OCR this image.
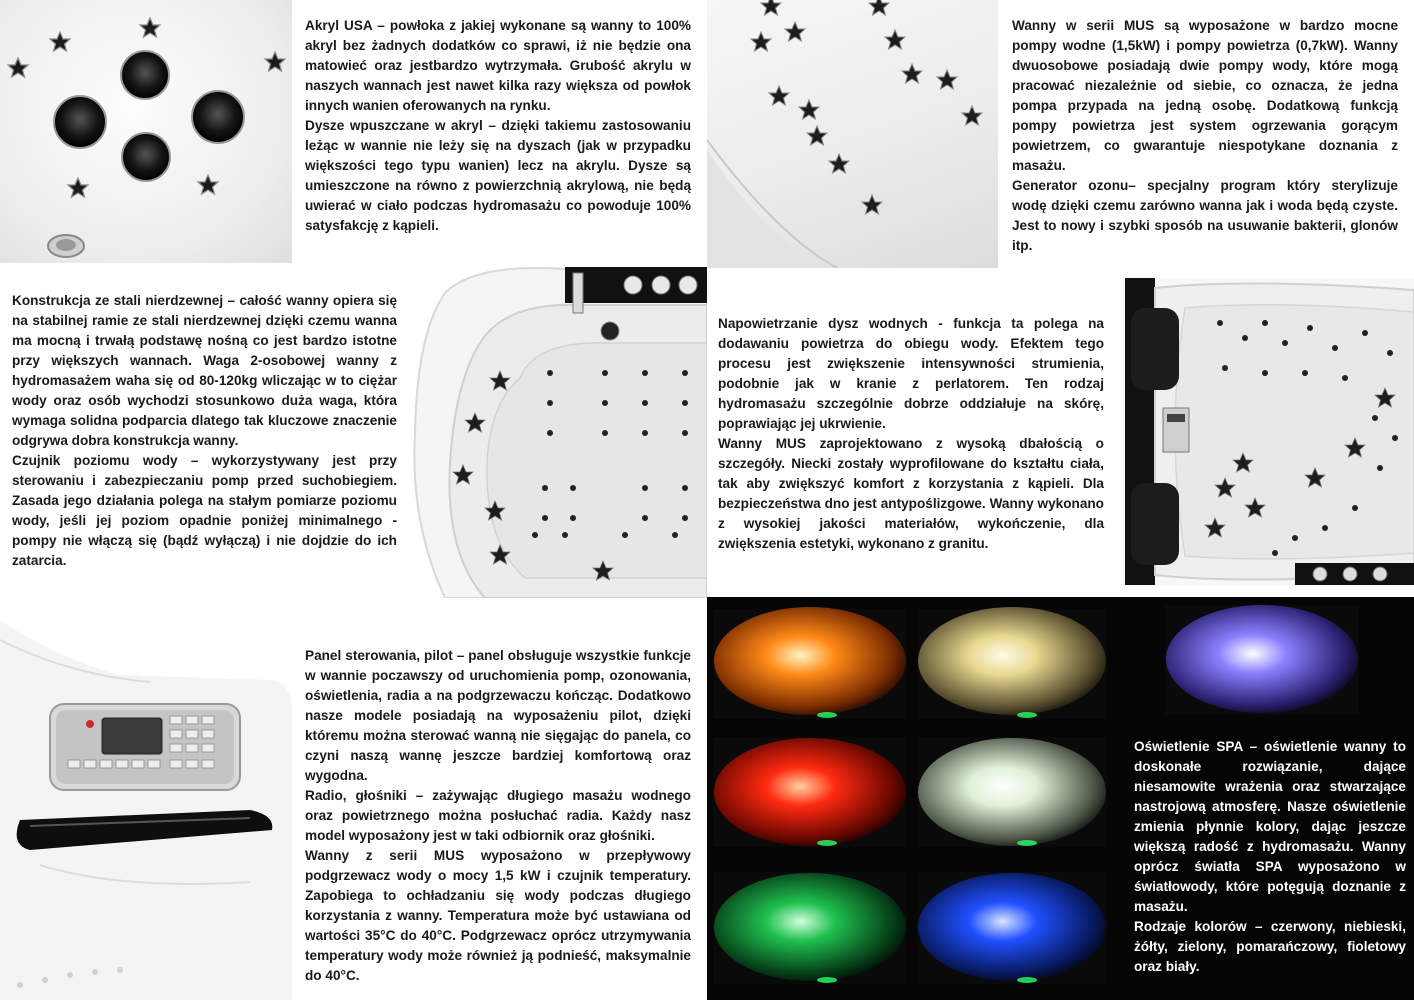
Akryl USA – powłoka z jakiej wykonane są wanny to 100% akryl bez żadnych dodatków co sprawi, iż nie będzie ona matowieć oraz jestbardzo wytrzymała. Grubość akrylu w naszych wannach jest nawet kilka razy większa od powłok innych wanien oferowanych na rynku.

Dysze wpuszczane w akryl – dzięki takiemu zastosowaniu leżąc w wannie nie leży się na dyszach (jak w przypadku większości tego typu wanien) lecz na akrylu. Dysze są umieszczone na równo z powierzchnią akrylową, nie będą uwierać w ciało podczas hydromasażu co powoduje 100% satysfakcję z kąpieli.

Wanny w serii MUS są wyposażone w bardzo mocne pompy wodne (1,5kW) i pompy powietrza (0,7kW). Wanny dwuosobowe posiadają dwie pompy wody, które mogą pracować niezależnie od siebie, co oznacza, że jedna pompa przypada na jedną osobę. Dodatkową funkcją pompy powietrza jest system ogrzewania gorącym powietrzem, co gwarantuje niespotykane doznania z masażu.

Generator ozonu– specjalny program który sterylizuje wodę dzięki czemu zarówno wanna jak i woda będą czyste. Jest to nowy i szybki sposób na usuwanie bakterii, glonów itp.

Konstrukcja ze stali nierdzewnej – całość wanny opiera się na stabilnej ramie ze stali nierdzewnej dzięki czemu wanna ma mocną i trwałą podstawę nośną co jest bardzo istotne przy większych wannach. Waga 2-osobowej wanny z hydromasażem waha się od 80-120kg wliczając w to ciężar wody oraz osób wychodzi stosunkowo duża waga, która wymaga solidna podparcia dlatego tak kluczowe znaczenie odgrywa dobra konstrukcja wanny.

Czujnik poziomu wody – wykorzystywany jest przy sterowaniu i zabezpieczaniu pomp przed suchobiegiem. Zasada jego działania polega na stałym pomiarze poziomu wody, jeśli jej poziom opadnie poniżej minimalnego - pompy nie włączą się (bądź wyłączą) i nie dojdzie do ich zatarcia.

Napowietrzanie dysz wodnych - funkcja ta polega na dodawaniu powietrza do obiegu wody. Efektem tego procesu jest zwiększenie intensywności strumienia, podobnie jak w kranie z perlatorem. Ten rodzaj hydromasażu szczególnie dobrze oddziałuje na skórę, poprawiając jej ukrwienie.

Wanny MUS zaprojektowano z wysoką dbałością o szczegóły. Niecki zostały wyprofilowane do kształtu ciała, tak aby zwiększyć komfort z korzystania z kąpieli. Dla bezpieczeństwa dno jest antypoślizgowe. Wanny wykonano z wysokiej jakości materiałów, wykończenie, dla zwiększenia estetyki, wykonano z granitu.

Panel sterowania, pilot – panel obsługuje wszystkie funkcje w wannie poczawszy od uruchomienia pomp, ozonowania, oświetlenia, radia a na podgrzewaczu kończąc. Dodatkowo nasze modele posiadają na wyposażeniu pilot, dzięki któremu można sterować wanną nie sięgając do panela, co czyni naszą wannę jeszcze bardziej komfortową oraz wygodna.

Radio, głośniki – zażywając długiego masażu wodnego oraz powietrznego można posłuchać radia. Każdy nasz model wyposażony jest w taki odbiornik oraz głośniki.

Wanny z serii MUS wyposażono w przepływowy podgrzewacz wody o mocy 1,5 kW i czujnik temperatury. Zapobiega to ochładzaniu się wody podczas długiego korzystania z wanny. Temperatura może być ustawiana od wartości 35°C do 40°C. Podgrzewacz oprócz utrzymywania temperatury wody może również ją podnieść, maksymalnie do 40°C.

Oświetlenie SPA – oświetlenie wanny to doskonałe rozwiązanie, dające niesamowite wrażenia oraz stwarzające nastrojową atmosferę. Nasze oświetlenie zmienia płynnie kolory, dając jeszcze większą radość z hydromasażu. Wanny oprócz światła SPA wyposażono w światłowody, które potęgują doznanie z masażu.

Rodzaje kolorów – czerwony, niebieski, żółty, zielony, pomarańczowy, fioletowy oraz biały.
